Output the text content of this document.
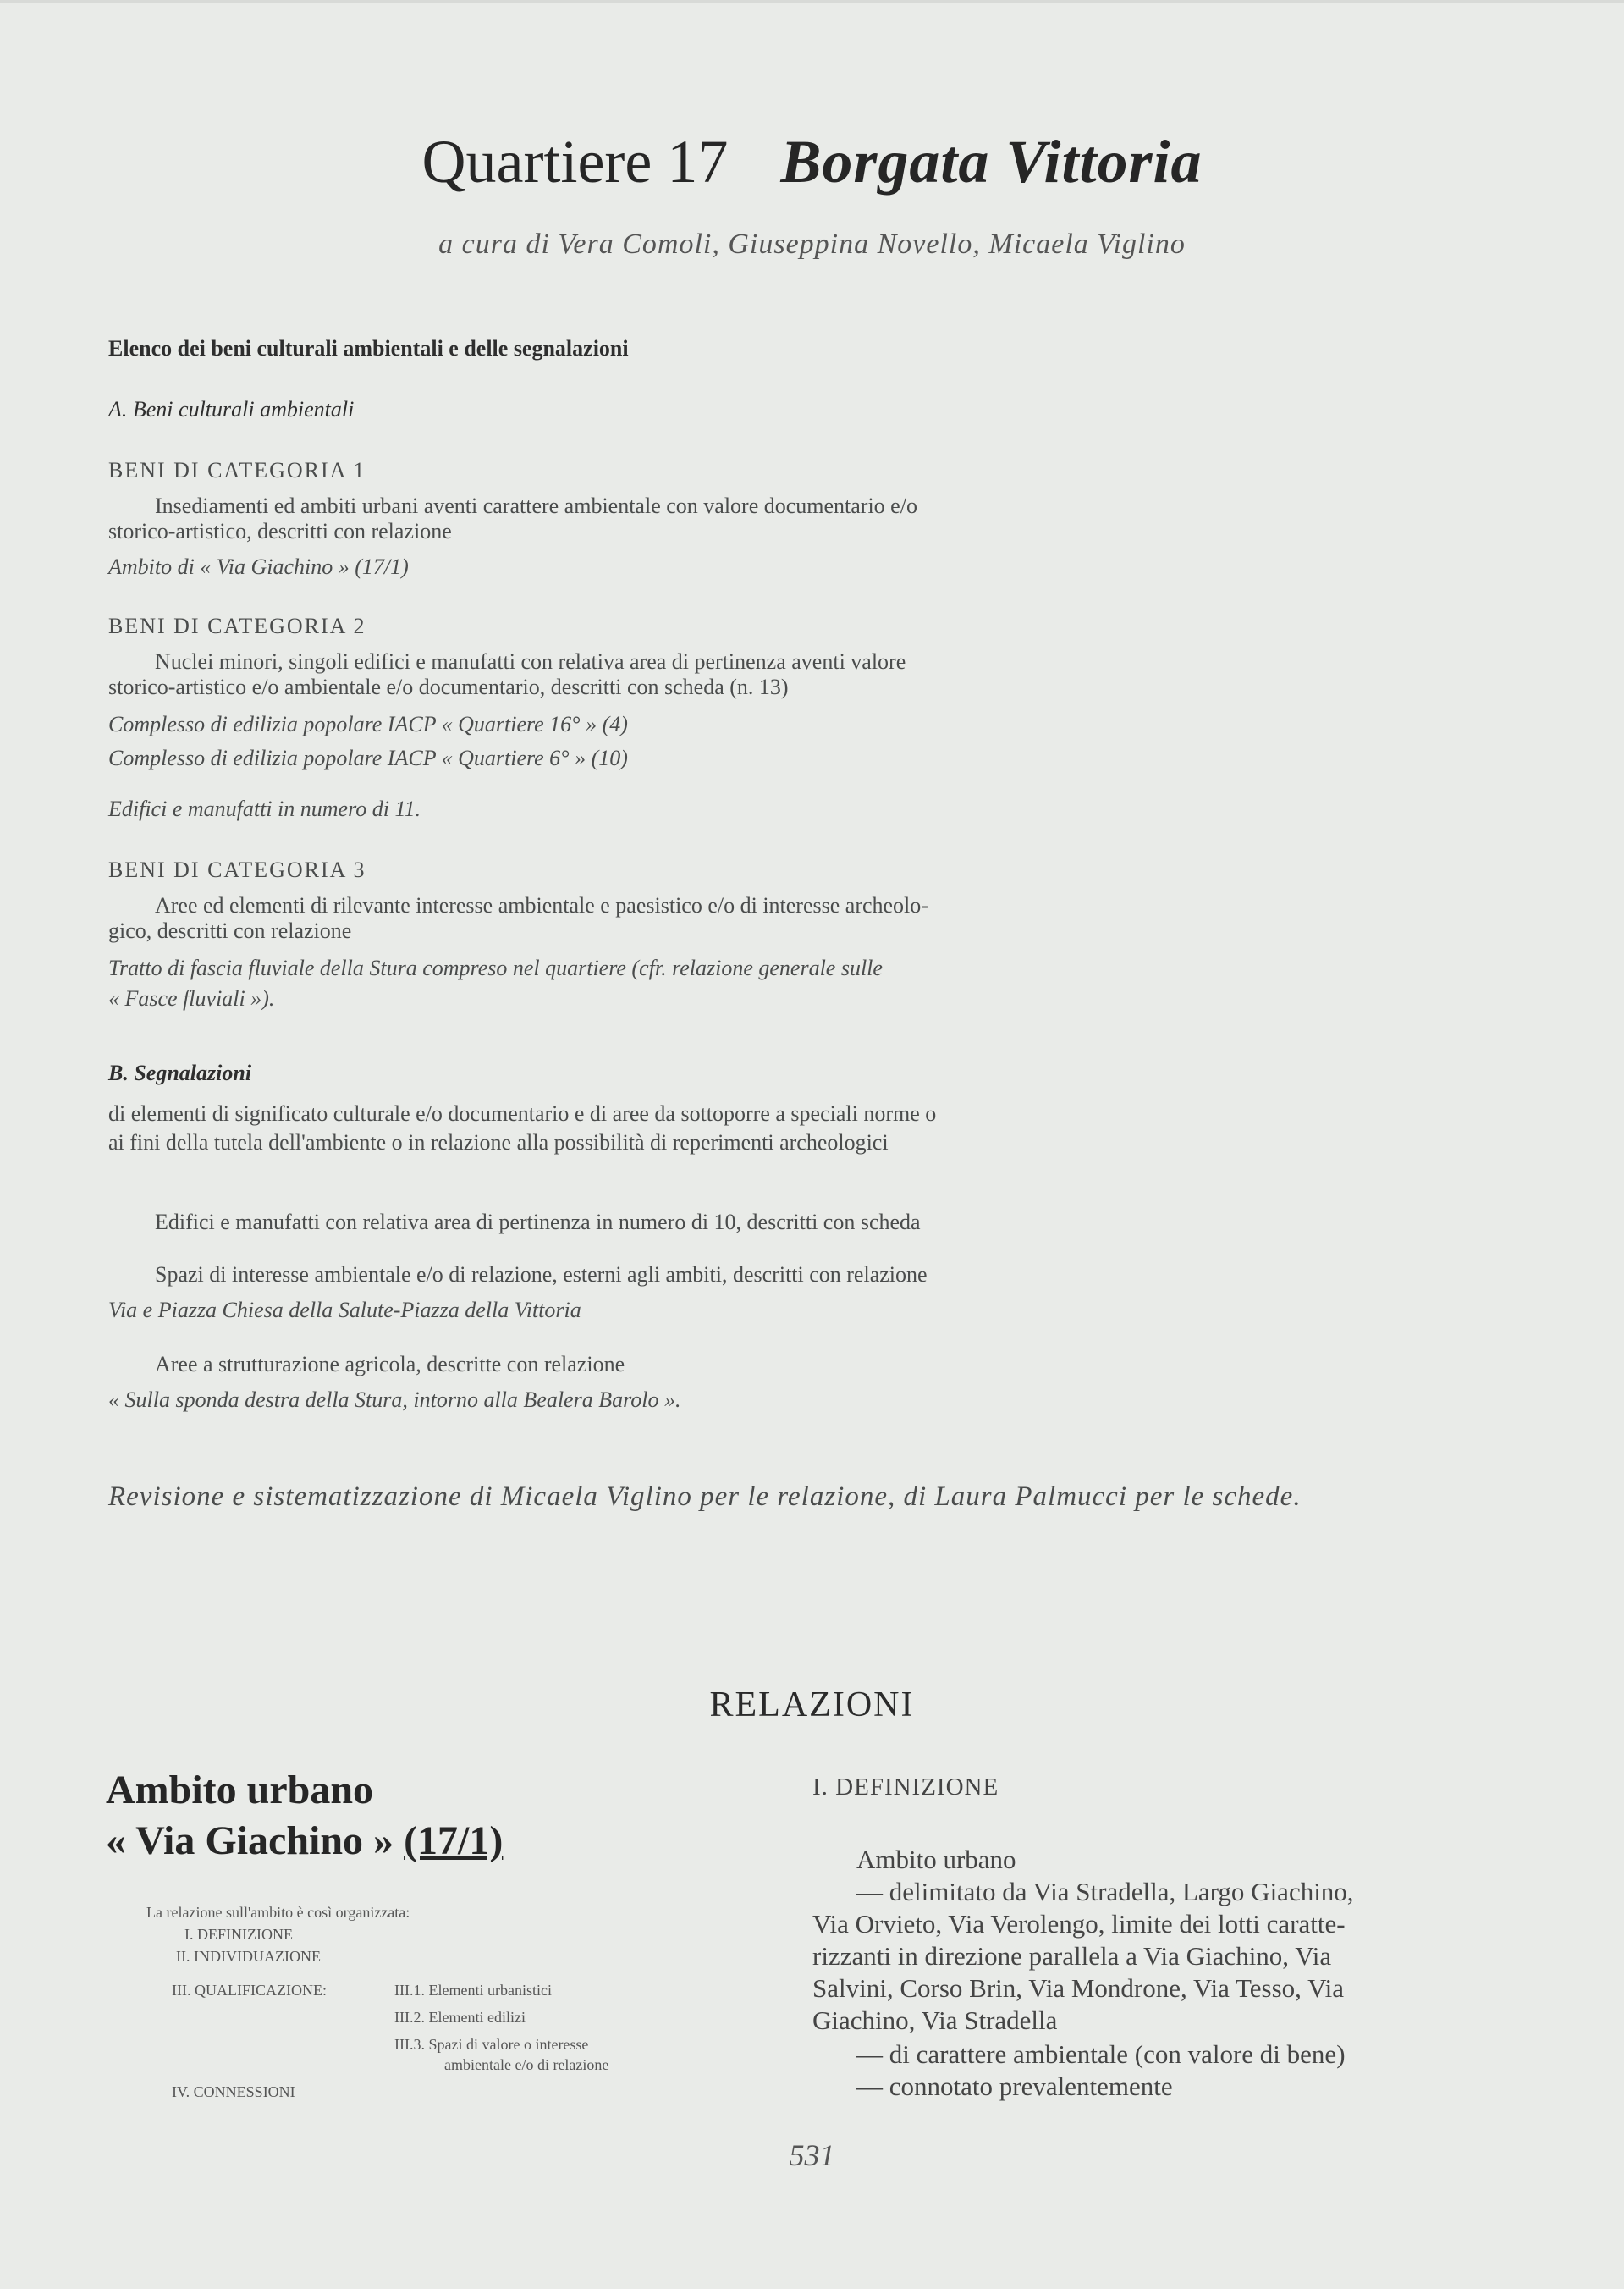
Quartiere 17 Borgata Vittoria
a cura di Vera Comoli, Giuseppina Novello, Micaela Viglino
Elenco dei beni culturali ambientali e delle segnalazioni
A. Beni culturali ambientali
BENI DI CATEGORIA 1
Insediamenti ed ambiti urbani aventi carattere ambientale con valore documentario e/o
storico-artistico, descritti con relazione
Ambito di « Via Giachino » (17/1)
BENI DI CATEGORIA 2
Nuclei minori, singoli edifici e manufatti con relativa area di pertinenza aventi valore
storico-artistico e/o ambientale e/o documentario, descritti con scheda (n. 13)
Complesso di edilizia popolare IACP « Quartiere 16° » (4)
Complesso di edilizia popolare IACP « Quartiere 6° » (10)
Edifici e manufatti in numero di 11.
BENI DI CATEGORIA 3
Aree ed elementi di rilevante interesse ambientale e paesistico e/o di interesse archeolo-
gico, descritti con relazione
Tratto di fascia fluviale della Stura compreso nel quartiere (cfr. relazione generale sulle
« Fasce fluviali »).
B. Segnalazioni
di elementi di significato culturale e/o documentario e di aree da sottoporre a speciali norme o
ai fini della tutela dell'ambiente o in relazione alla possibilità di reperimenti archeologici
Edifici e manufatti con relativa area di pertinenza in numero di 10, descritti con scheda
Spazi di interesse ambientale e/o di relazione, esterni agli ambiti, descritti con relazione
Via e Piazza Chiesa della Salute-Piazza della Vittoria
Aree a strutturazione agricola, descritte con relazione
« Sulla sponda destra della Stura, intorno alla Bealera Barolo ».
Revisione e sistematizzazione di Micaela Viglino per le relazione, di Laura Palmucci per le schede.
RELAZIONI
Ambito urbano
« Via Giachino » (17/1)
La relazione sull'ambito è così organizzata:
I. DEFINIZIONE
II. INDIVIDUAZIONE
III. QUALIFICAZIONE:	III.1. Elementi urbanistici
III.2. Elementi edilizi
III.3. Spazi di valore o interesse
ambientale e/o di relazione
IV. CONNESSIONI
I. DEFINIZIONE
Ambito urbano
— delimitato da Via Stradella, Largo Giachino,
Via Orvieto, Via Verolengo, limite dei lotti caratte-
rizzanti in direzione parallela a Via Giachino, Via
Salvini, Corso Brin, Via Mondrone, Via Tesso, Via
Giachino, Via Stradella
— di carattere ambientale (con valore di bene)
— connotato prevalentemente
531
